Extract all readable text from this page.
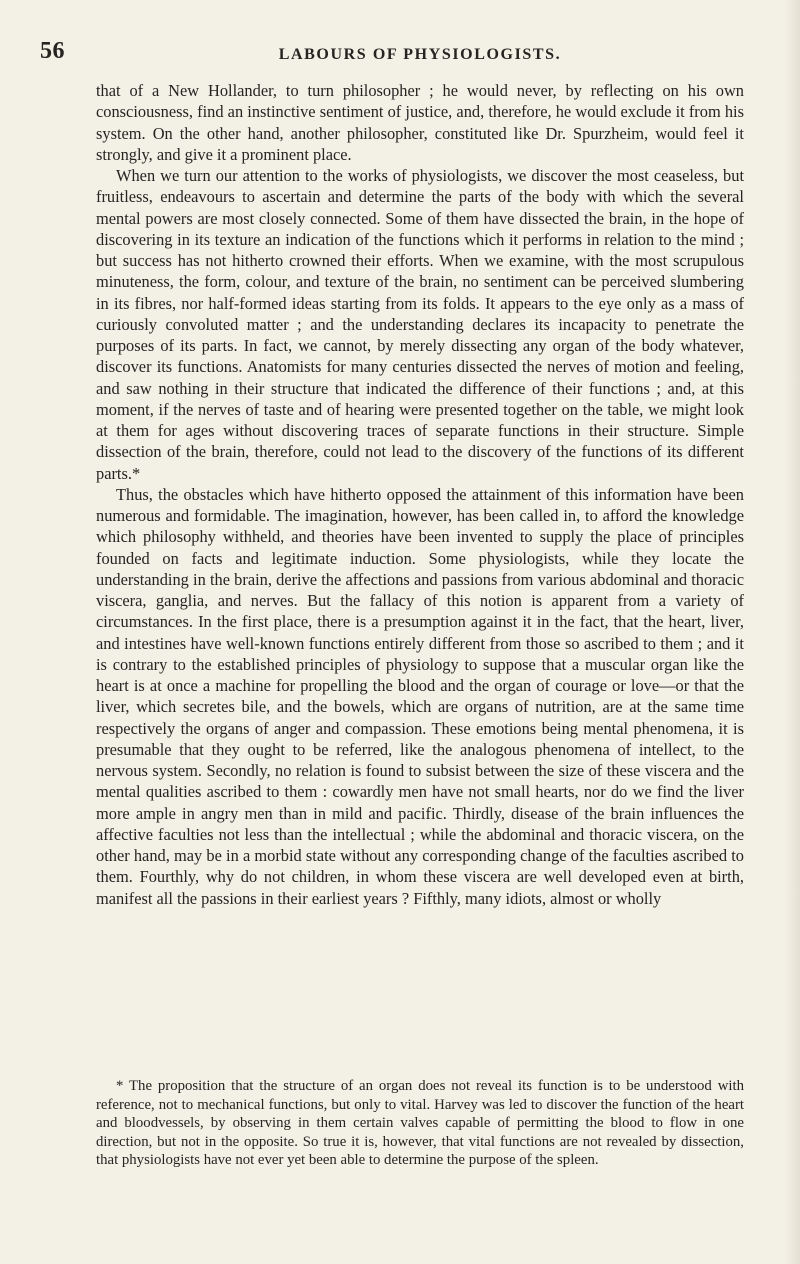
56	LABOURS OF PHYSIOLOGISTS.

that of a New Hollander, to turn philosopher ; he would never, by reflecting on his own consciousness, find an instinctive sentiment of justice, and, therefore, he would exclude it from his system. On the other hand, another philosopher, constituted like Dr. Spurzheim, would feel it strongly, and give it a prominent place.

When we turn our attention to the works of physiologists, we discover the most ceaseless, but fruitless, endeavours to ascertain and determine the parts of the body with which the several mental powers are most closely connected. Some of them have dissected the brain, in the hope of discovering in its texture an indication of the functions which it performs in relation to the mind ; but success has not hitherto crowned their efforts. When we examine, with the most scrupulous minuteness, the form, colour, and texture of the brain, no sentiment can be perceived slumbering in its fibres, nor half-formed ideas starting from its folds. It appears to the eye only as a mass of curiously convoluted matter ; and the understanding declares its incapacity to penetrate the purposes of its parts. In fact, we cannot, by merely dissecting any organ of the body whatever, discover its functions. Anatomists for many centuries dissected the nerves of motion and feeling, and saw nothing in their structure that indicated the difference of their functions ; and, at this moment, if the nerves of taste and of hearing were presented together on the table, we might look at them for ages without discovering traces of separate functions in their structure. Simple dissection of the brain, therefore, could not lead to the discovery of the functions of its different parts.*

Thus, the obstacles which have hitherto opposed the attainment of this information have been numerous and formidable. The imagination, however, has been called in, to afford the knowledge which philosophy withheld, and theories have been invented to supply the place of principles founded on facts and legitimate induction. Some physiologists, while they locate the understanding in the brain, derive the affections and passions from various abdominal and thoracic viscera, ganglia, and nerves. But the fallacy of this notion is apparent from a variety of circumstances. In the first place, there is a presumption against it in the fact, that the heart, liver, and intestines have well-known functions entirely different from those so ascribed to them ; and it is contrary to the established principles of physiology to suppose that a muscular organ like the heart is at once a machine for propelling the blood and the organ of courage or love—or that the liver, which secretes bile, and the bowels, which are organs of nutrition, are at the same time respectively the organs of anger and compassion. These emotions being mental phenomena, it is presumable that they ought to be referred, like the analogous phenomena of intellect, to the nervous system. Secondly, no relation is found to subsist between the size of these viscera and the mental qualities ascribed to them : cowardly men have not small hearts, nor do we find the liver more ample in angry men than in mild and pacific. Thirdly, disease of the brain influences the affective faculties not less than the intellectual ; while the abdominal and thoracic viscera, on the other hand, may be in a morbid state without any corresponding change of the faculties ascribed to them. Fourthly, why do not children, in whom these viscera are well developed even at birth, manifest all the passions in their earliest years ? Fifthly, many idiots, almost or wholly

* The proposition that the structure of an organ does not reveal its function is to be understood with reference, not to mechanical functions, but only to vital. Harvey was led to discover the function of the heart and bloodvessels, by observing in them certain valves capable of permitting the blood to flow in one direction, but not in the opposite. So true it is, however, that vital functions are not revealed by dissection, that physiologists have not ever yet been able to determine the purpose of the spleen.
